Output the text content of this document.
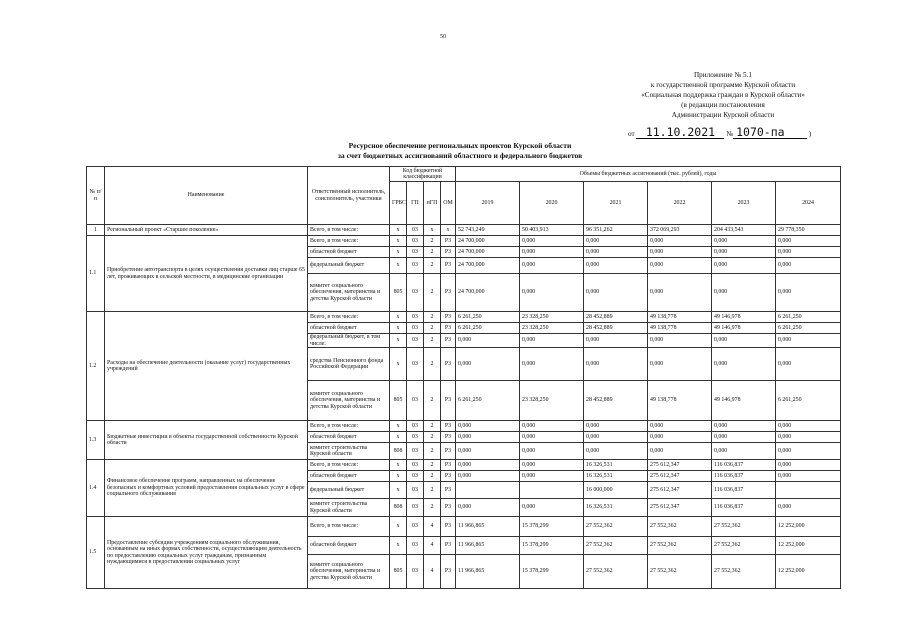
50
Приложение № 5.1
к государственной программе Курской области
«Социальная поддержка граждан в Курской области»
(в редакции постановления
Администрации Курской области
от 11.10.2021 № 1070-па	)
Ресурсное обеспечение региональных проектов Курской области
за счет бюджетных ассигнований областного и федерального бюджетов
№ п/п	Наименование	Ответственный исполнитель, соисполнитель, участники	Код бюджетной классификации				Объемы бюджетных ассигнований (тыс. рублей), годы					
			ГРБС	ГП	пГП	ОМ	2019	2020	2021	2022	2023	2024
1	Региональный проект «Старшее поколение»	Всего, в том числе:	x	03	x	x	52 743,249	50 403,913	96 351,262	372 069,293	204 433,543	29 778,350
1.1	Приобретение автотранспорта в целях осуществления доставки лиц старше 65 лет, проживающих в сельской местности, в медицинские организации	Всего, в том числе:	x	03	2	P3	24 700,000	0,000	0,000	0,000	0,000	0,000
		областной бюджет	x	03	2	P3	24 700,000	0,000	0,000	0,000	0,000	0,000
		федеральный бюджет	x	03	2	P3	24 700,000	0,000	0,000	0,000	0,000	0,000
		комитет социального обеспечения, материнства и детства Курской области	805	03	2	P3	24 700,000	0,000	0,000	0,000	0,000	0,000
1.2	Расходы на обеспечение деятельности (оказание услуг) государственных учреждений	Всего, в том числе:	x	03	2	P3	6 261,250	23 328,250	28 452,889	49 138,778	49 146,978	6 261,250
		областной бюджет	x	03	2	P3	6 261,250	23 328,250	28 452,889	49 138,778	49 146,978	6 261,250
		федеральный бюджет, в том числе:	x	03	2	P3	0,000	0,000	0,000	0,000	0,000	0,000
		средства Пенсионного фонда Российской Федерации	x	03	2	P3	0,000	0,000	0,000	0,000	0,000	0,000
		комитет социального обеспечения, материнства и детства Курской области	805	03	2	P3	6 261,250	23 328,250	28 452,889	49 138,778	49 146,978	6 261,250
1.3	Бюджетные инвестиции в объекты государственной собственности Курской области	Всего, в том числе:	x	03	2	P3	0,000	0,000	0,000	0,000	0,000	0,000
		областной бюджет	x	03	2	P3	0,000	0,000	0,000	0,000	0,000	0,000
		комитет строительства Курской области	808	03	2	P3	0,000	0,000	0,000	0,000	0,000	0,000
1.4	Финансовое обеспечение программ, направленных на обеспечение безопасных и комфортных условий предоставления социальных услуг в сфере социального обслуживания	Всего, в том числе:	x	03	2	P3	0,000	0,000	16 326,531	275 612,347	116 036,837	0,000
		областной бюджет	x	03	2	P3	0,000	0,000	16 326,531	275 612,347	116 036,837	0,000
		федеральный бюджет	x	03	2	P3			16 000,000	275 612,347	116 036,837	
		комитет строительства Курской области	808	03	2	P3	0,000	0,000	16 326,531	275 612,347	116 036,837	0,000
1.5	Предоставление субсидии учреждениям социального обслуживания, основанным на иных формах собственности, осуществляющим деятельность по предоставлению социальных услуг гражданам, признанным нуждающимися в предоставлении социальных услуг	Всего, в том числе:	x	03	4	P3	11 966,865	15 378,299	27 552,362	27 552,362	27 552,362	12 252,000
		областной бюджет	x	03	4	P3	11 966,865	15 378,299	27 552,362	27 552,362	27 552,362	12 252,000
		комитет социального обеспечения, материнства и детства Курской области	805	03	4	P3	11 966,865	15 378,299	27 552,362	27 552,362	27 552,362	12 252,000
